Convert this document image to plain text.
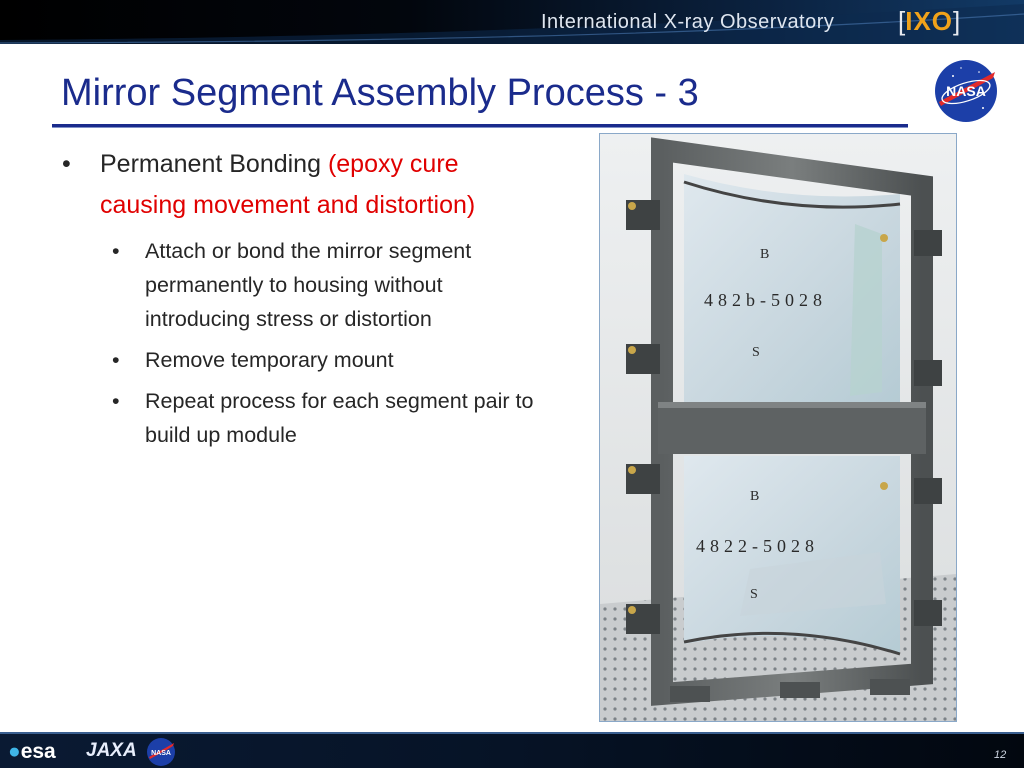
International X-ray Observatory [IXO]
Mirror Segment Assembly Process - 3	NASA
• Permanent Bonding (epoxy cure causing movement and distortion)
• Attach or bond the mirror segment permanently to housing without introducing stress or distortion
• Remove temporary mount
• Repeat process for each segment pair to build up module
B
482b-5028
S
B
4822-5028
S
●esa JAXA NASA	12
